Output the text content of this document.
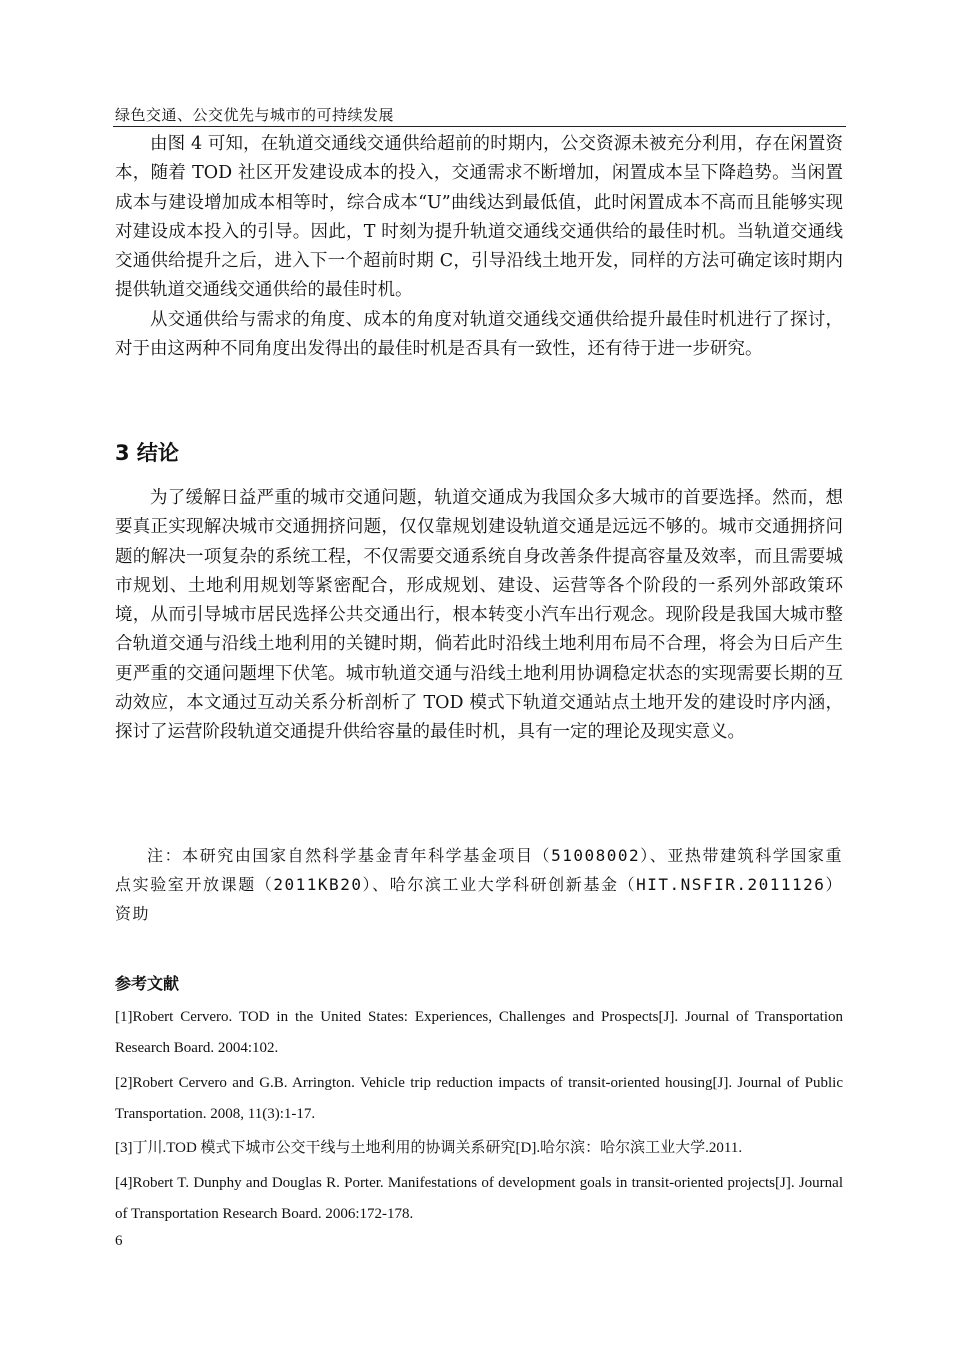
绿色交通、公交优先与城市的可持续发展

由图 4 可知，在轨道交通线交通供给超前的时期内，公交资源未被充分利用，存在闲置资本，随着 TOD 社区开发建设成本的投入，交通需求不断增加，闲置成本呈下降趋势。当闲置成本与建设增加成本相等时，综合成本“U”曲线达到最低值，此时闲置成本不高而且能够实现对建设成本投入的引导。因此，T 时刻为提升轨道交通线交通供给的最佳时机。当轨道交通线交通供给提升之后，进入下一个超前时期 C，引导沿线土地开发，同样的方法可确定该时期内提供轨道交通线交通供给的最佳时机。

从交通供给与需求的角度、成本的角度对轨道交通线交通供给提升最佳时机进行了探讨，对于由这两种不同角度出发得出的最佳时机是否具有一致性，还有待于进一步研究。

3 结论

为了缓解日益严重的城市交通问题，轨道交通成为我国众多大城市的首要选择。然而，想要真正实现解决城市交通拥挤问题，仅仅靠规划建设轨道交通是远远不够的。城市交通拥挤问题的解决一项复杂的系统工程，不仅需要交通系统自身改善条件提高容量及效率，而且需要城市规划、土地利用规划等紧密配合，形成规划、建设、运营等各个阶段的一系列外部政策环境，从而引导城市居民选择公共交通出行，根本转变小汽车出行观念。现阶段是我国大城市整合轨道交通与沿线土地利用的关键时期，倘若此时沿线土地利用布局不合理，将会为日后产生更严重的交通问题埋下伏笔。城市轨道交通与沿线土地利用协调稳定状态的实现需要长期的互动效应，本文通过互动关系分析剖析了 TOD 模式下轨道交通站点土地开发的建设时序内涵，探讨了运营阶段轨道交通提升供给容量的最佳时机，具有一定的理论及现实意义。

注：本研究由国家自然科学基金青年科学基金项目（51008002）、亚热带建筑科学国家重点实验室开放课题（2011KB20）、哈尔滨工业大学科研创新基金（HIT.NSFIR.2011126）资助
参考文献

[1]Robert Cervero. TOD in the United States: Experiences, Challenges and Prospects[J]. Journal of Transportation Research Board. 2004:102.

[2]Robert Cervero and G.B. Arrington. Vehicle trip reduction impacts of transit-oriented housing[J]. Journal of Public Transportation. 2008, 11(3):1-17.

[3]丁川.TOD 模式下城市公交干线与土地利用的协调关系研究[D].哈尔滨：哈尔滨工业大学.2011.

[4]Robert T. Dunphy and Douglas R. Porter. Manifestations of development goals in transit-oriented projects[J]. Journal of Transportation Research Board. 2006:172-178.

6
